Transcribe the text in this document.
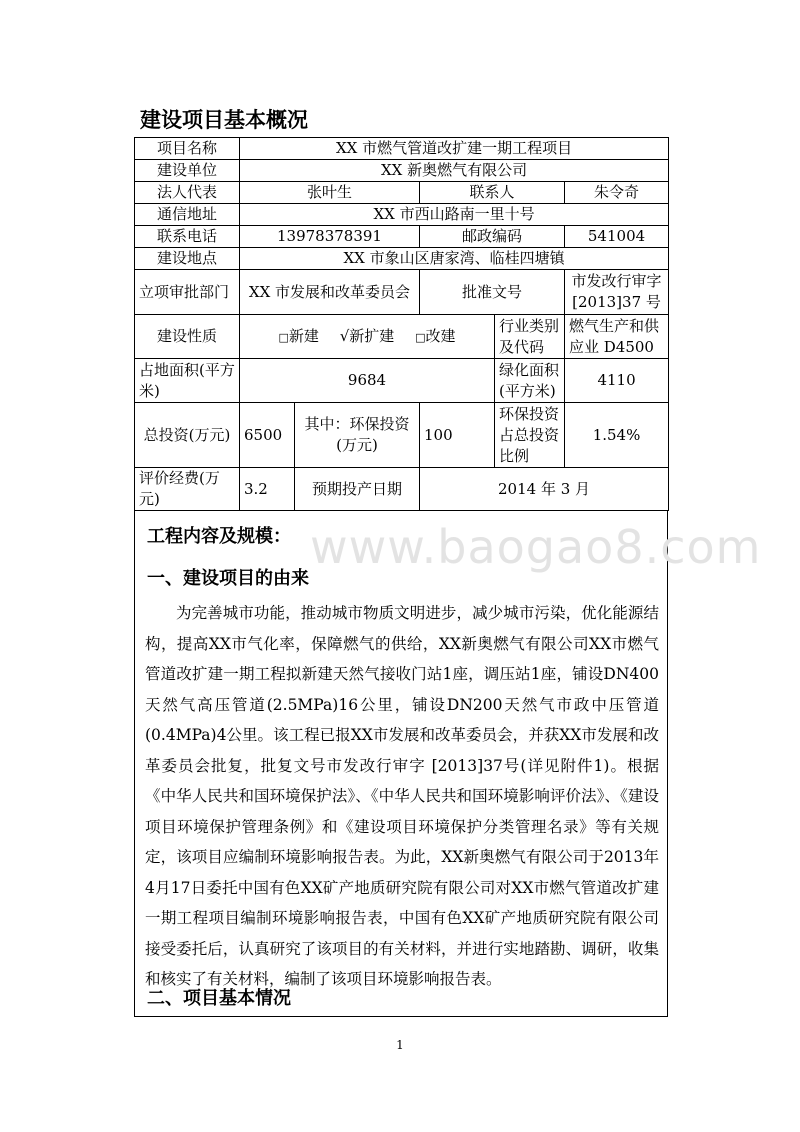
建设项目基本概况
项目名称	XX 市燃气管道改扩建一期工程项目				
建设单位	XX 新奥燃气有限公司				
法人代表	张叶生		联系人		朱令奇
通信地址	XX 市西山路南一里十号				
联系电话	13978378391		邮政编码		541004
建设地点	XX 市象山区唐家湾、临桂四塘镇				
立项审批部门	XX 市发展和改革委员会		批准文号		市发改行审字[2013]37 号
建设性质	□新建 √新扩建 □改建			行业类别及代码	燃气生产和供应业 D4500
占地面积(平方米)	9684			绿化面积(平方米)	4110
总投资(万元)	6500	其中：环保投资(万元)	100	环保投资占总投资比例	1.54%
评价经费(万元)	3.2	预期投产日期	2014 年 3 月		
工程内容及规模：
一、建设项目的由来
为完善城市功能，推动城市物质文明进步，减少城市污染，优化能源结构，提高XX市气化率，保障燃气的供给，XX新奥燃气有限公司XX市燃气管道改扩建一期工程拟新建天然气接收门站1座，调压站1座，铺设DN400天然气高压管道(2.5MPa)16公里，铺设DN200天然气市政中压管道(0.4MPa)4公里。该工程已报XX市发展和改革委员会，并获XX市发展和改革委员会批复，批复文号市发改行审字 [2013]37号(详见附件1)。根据《中华人民共和国环境保护法》、《中华人民共和国环境影响评价法》、《建设项目环境保护管理条例》和《建设项目环境保护分类管理名录》等有关规定，该项目应编制环境影响报告表。为此，XX新奥燃气有限公司于2013年4月17日委托中国有色XX矿产地质研究院有限公司对XX市燃气管道改扩建一期工程项目编制环境影响报告表，中国有色XX矿产地质研究院有限公司接受委托后，认真研究了该项目的有关材料，并进行实地踏勘、调研，收集和核实了有关材料，编制了该项目环境影响报告表。
二、项目基本情况
www.baogao8.com
1
